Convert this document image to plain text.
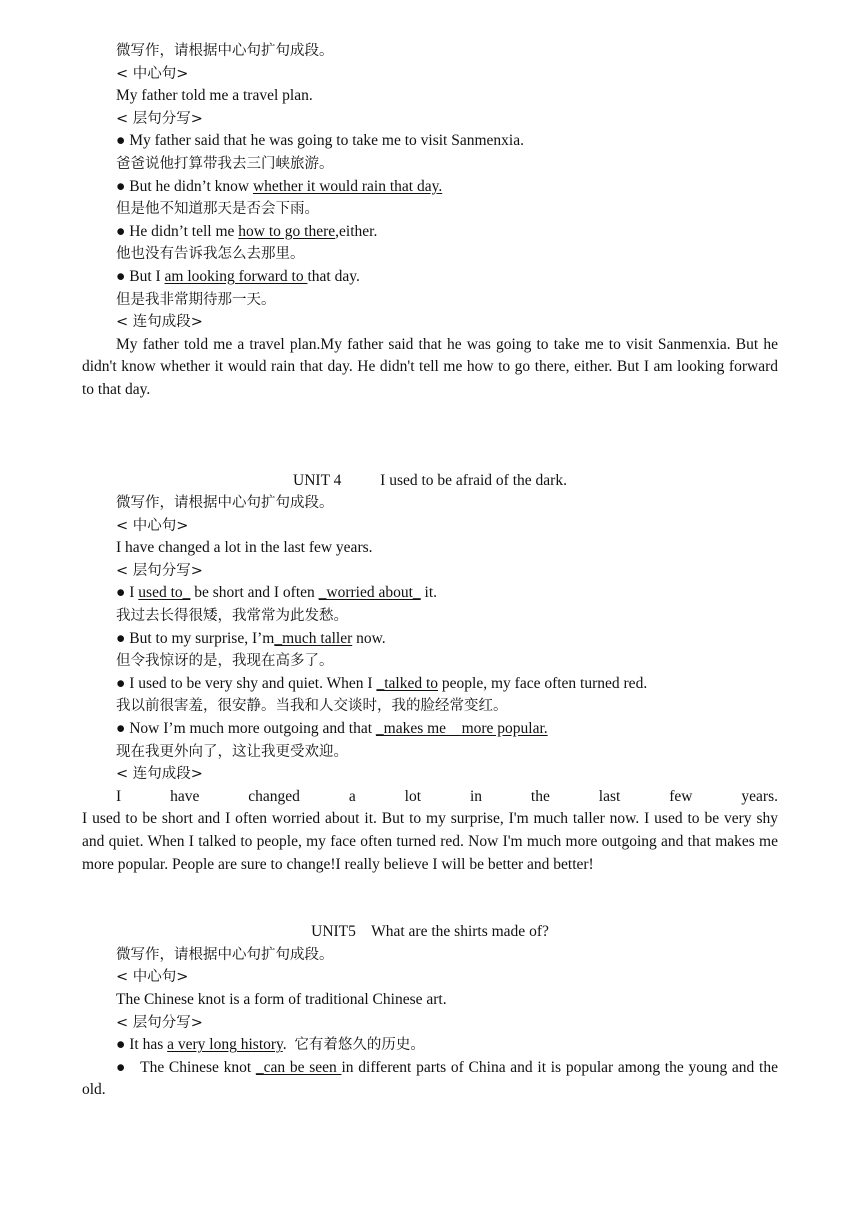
微写作，请根据中心句扩句成段。
< 中心句>
My father told me a travel plan.
< 层句分写>
● My father said that he was going to take me to visit Sanmenxia.
爸爸说他打算带我去三门峡旅游。
● But he didn’t know whether it would rain that day.
但是他不知道那天是否会下雨。
● He didn’t tell me how to go there,either.
他也没有告诉我怎么去那里。
● But I am looking forward to that day.
但是我非常期待那一天。
< 连句成段>
My father told me a travel plan.My father said that he was going to take me to visit Sanmenxia. But he didn't know whether it would rain that day. He didn't tell me how to go there, either. But I am looking forward to that day.
UNIT 4          I used to be afraid of the dark.
微写作，请根据中心句扩句成段。
< 中心句>
I have changed a lot in the last few years.
< 层句分写>
● I used to_ be short and I often _worried about_ it.
我过去长得很矮，我常常为此发愁。
● But to my surprise, I’m_much taller now.
但令我惊讶的是，我现在高多了。
● I used to be very shy and quiet. When I _talked to people, my face often turned red.
我以前很害羞，很安静。当我和人交谈时，我的脸经常变红。
● Now I’m much more outgoing and that _makes me    more popular.
现在我更外向了，这让我更受欢迎。
< 连句成段>
I have changed a lot in the last few years.
I used to be short and I often worried about it. But to my surprise, I'm much taller now. I used to be very shy and quiet. When I talked to people, my face often turned red. Now I'm much more outgoing and that makes me more popular. People are sure to change!I really believe I will be better and better!
UNIT5    What are the shirts made of?
微写作，请根据中心句扩句成段。
< 中心句>
The Chinese knot is a form of traditional Chinese art.
< 层句分写>
● It has a very long history.  它有着悠久的历史。
●   The Chinese knot _can be seen in different parts of China and it is popular among the young and the old.
